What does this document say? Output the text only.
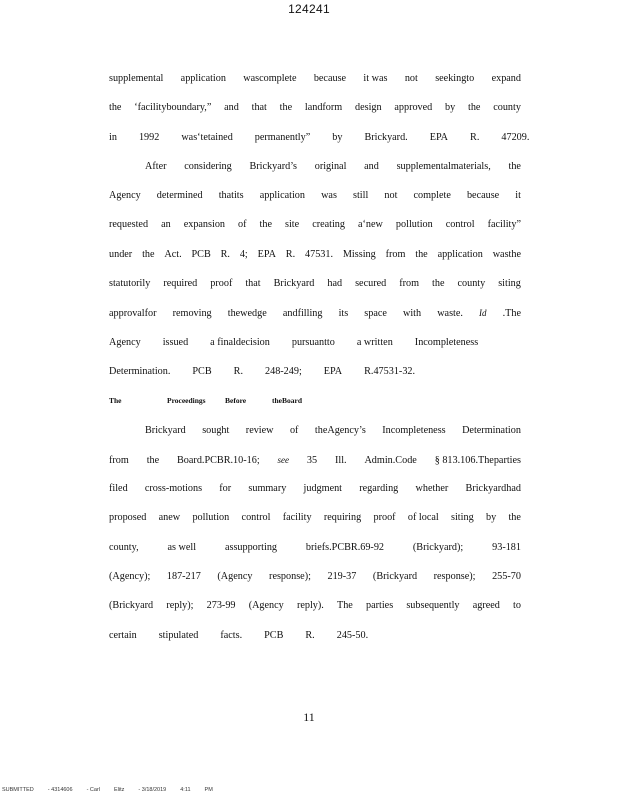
124241
supplemental application wascomplete because it was not seekingto expand
the ‘facilityboundary,” and that the landform design approved by the county
in 1992 was‘tetained permanently” by Brickyard. EPA R. 47209.
After considering Brickyard’s original and supplementalmaterials, the
Agency determined thatits application was still not complete because it
requested an expansion of the site creating a‘new pollution control facility”
under the Act. PCB R. 4; EPA R. 47531. Missing from the application wasthe
statutorily required proof that Brickyard had secured from the county siting
approvalfor removing thewedge andfilling its space with waste. Id .The
Agency issued a finaldecision pursuantto a written Incompleteness
Determination. PCB R. 248-249; EPA R.47531-32.
The	Proceedings	Before	theBoard
Brickyard sought review of theAgency’s Incompleteness Determination
from the Board.PCBR.10-16; see 35 Ill. Admin.Code § 813.106.Theparties
filed cross-motions for summary judgment regarding whether Brickyardhad
proposed anew pollution control facility requiring proof of local siting by the
county,	as well	assupporting	briefs.PCBR.69-92	(Brickyard);	93-181
(Agency); 187-217 (Agency response); 219-37 (Brickyard response); 255-70
(Brickyard reply); 273-99 (Agency reply). The parties subsequently agreed to
certain stipulated facts. PCB R. 245-50.
11
SUBMITTED	- 4314606	- Carl	Elitz	- 3/18/2019	4:11	PM
